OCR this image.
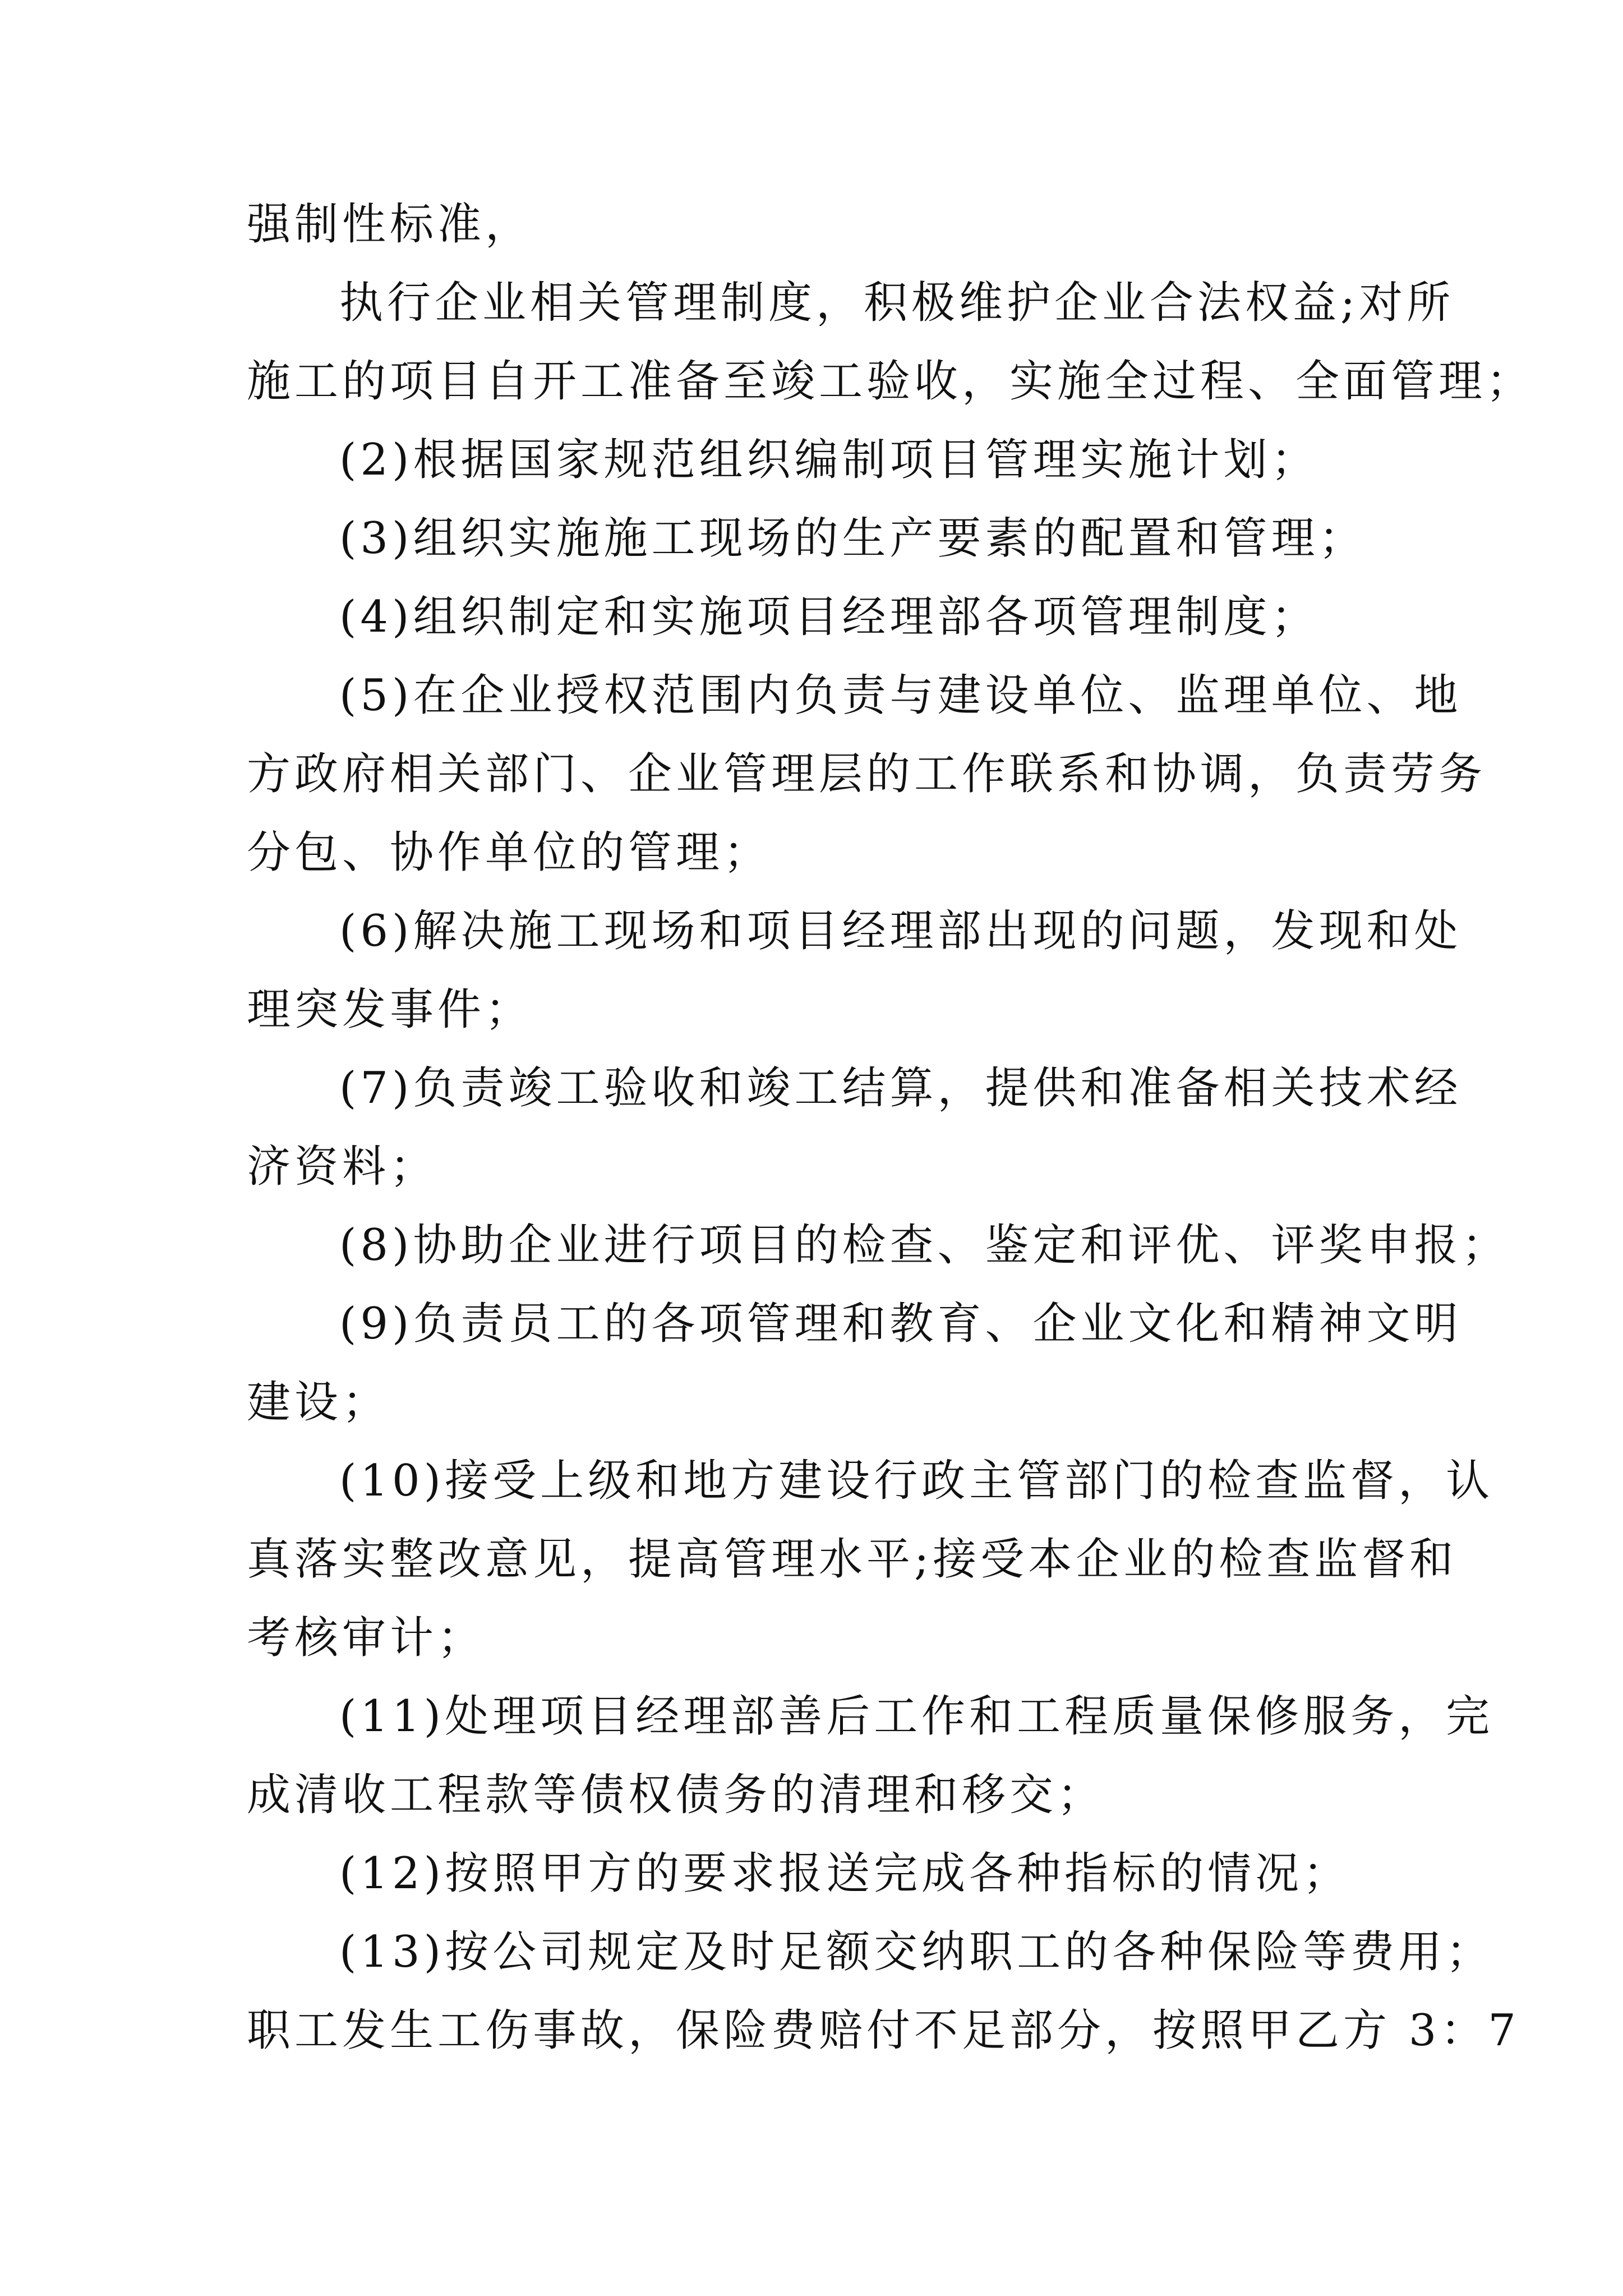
强制性标准，
执行企业相关管理制度，积极维护企业合法权益;对所
施工的项目自开工准备至竣工验收，实施全过程、全面管理；
(2)根据国家规范组织编制项目管理实施计划；
(3)组织实施施工现场的生产要素的配置和管理；
(4)组织制定和实施项目经理部各项管理制度；
(5)在企业授权范围内负责与建设单位、监理单位、地
方政府相关部门、企业管理层的工作联系和协调，负责劳务
分包、协作单位的管理；
(6)解决施工现场和项目经理部出现的问题，发现和处
理突发事件；
(7)负责竣工验收和竣工结算，提供和准备相关技术经
济资料；
(8)协助企业进行项目的检查、鉴定和评优、评奖申报；
(9)负责员工的各项管理和教育、企业文化和精神文明
建设；
(10)接受上级和地方建设行政主管部门的检查监督，认
真落实整改意见，提高管理水平;接受本企业的检查监督和
考核审计；
(11)处理项目经理部善后工作和工程质量保修服务，完
成清收工程款等债权债务的清理和移交；
(12)按照甲方的要求报送完成各种指标的情况；
(13)按公司规定及时足额交纳职工的各种保险等费用；
职工发生工伤事故，保险费赔付不足部分，按照甲乙方 3：7
